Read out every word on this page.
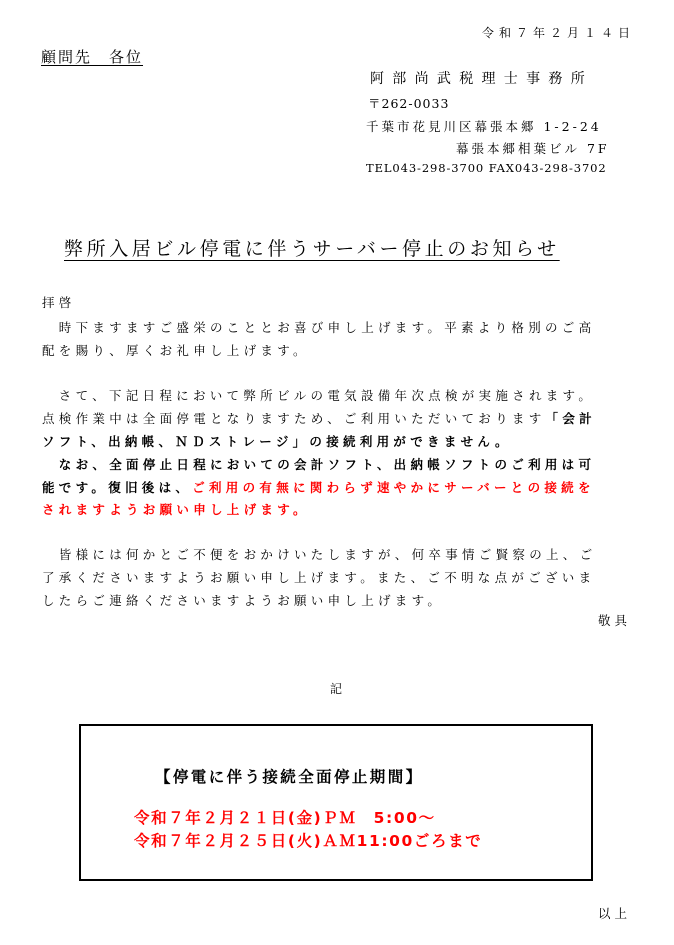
令和７年２月１４日
顧問先　各位
阿部尚武税理士事務所
〒262-0033
千葉市花見川区幕張本郷 1-2-24
幕張本郷相葉ビル 7F
TEL043-298-3700 FAX043-298-3702
弊所入居ビル停電に伴うサーバー停止のお知らせ
拝啓
　時下ますますご盛栄のこととお喜び申し上げます。平素より格別のご高
配を賜り、厚くお礼申し上げます。
　さて、下記日程において弊所ビルの電気設備年次点検が実施されます。
点検作業中は全面停電となりますため、ご利用いただいております「会計
ソフト、出納帳、ＮＤストレージ」の接続利用ができません。
　なお、全面停止日程においての会計ソフト、出納帳ソフトのご利用は可
能です。復旧後は、ご利用の有無に関わらず速やかにサーバーとの接続を
されますようお願い申し上げます。
　皆様には何かとご不便をおかけいたしますが、何卒事情ご賢察の上、ご
了承くださいますようお願い申し上げます。また、ご不明な点がございま
したらご連絡くださいますようお願い申し上げます。
敬具
記
【停電に伴う接続全面停止期間】
令和７年２月２１日(金)ＰＭ　5:00～
令和７年２月２５日(火)ＡＭ11:00ごろまで
以上
